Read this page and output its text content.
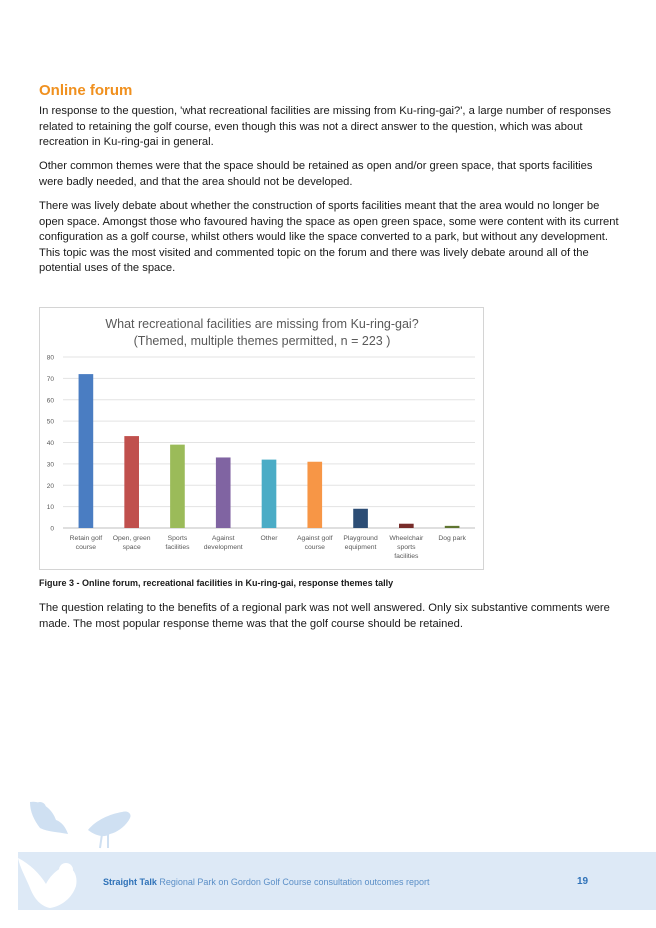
Online forum

In response to the question, 'what recreational facilities are missing from Ku-ring-gai?', a large number of responses related to retaining the golf course, even though this was not a direct answer to the question, which was about recreation in Ku-ring-gai in general.

Other common themes were that the space should be retained as open and/or green space, that sports facilities were badly needed, and that the area should not be developed.

There was lively debate about whether the construction of sports facilities meant that the area would no longer be open space. Amongst those who favoured having the space as open green space, some were content with its current configuration as a golf course, whilst others would like the space converted to a park, but without any development. This topic was the most visited and commented topic on the forum and there was lively debate around all of the potential uses of the space.

What recreational facilities are missing from Ku-ring-gai?
(Themed, multiple themes permitted, n = 223 )
0
10
20
30
40
50
60
70
80
Retain golf
course
Open, green
space
Sports
facilities
Against
development
Other	Against golf
course
Playground
equipment
Wheelchair
sports
facilities
Dog park

Figure 3 - Online forum, recreational facilities in Ku-ring-gai, response themes tally

The question relating to the benefits of a regional park was not well answered. Only six substantive comments were made. The most popular response theme was that the golf course should be retained.

Straight Talk Regional Park on Gordon Golf Course consultation outcomes report	19
